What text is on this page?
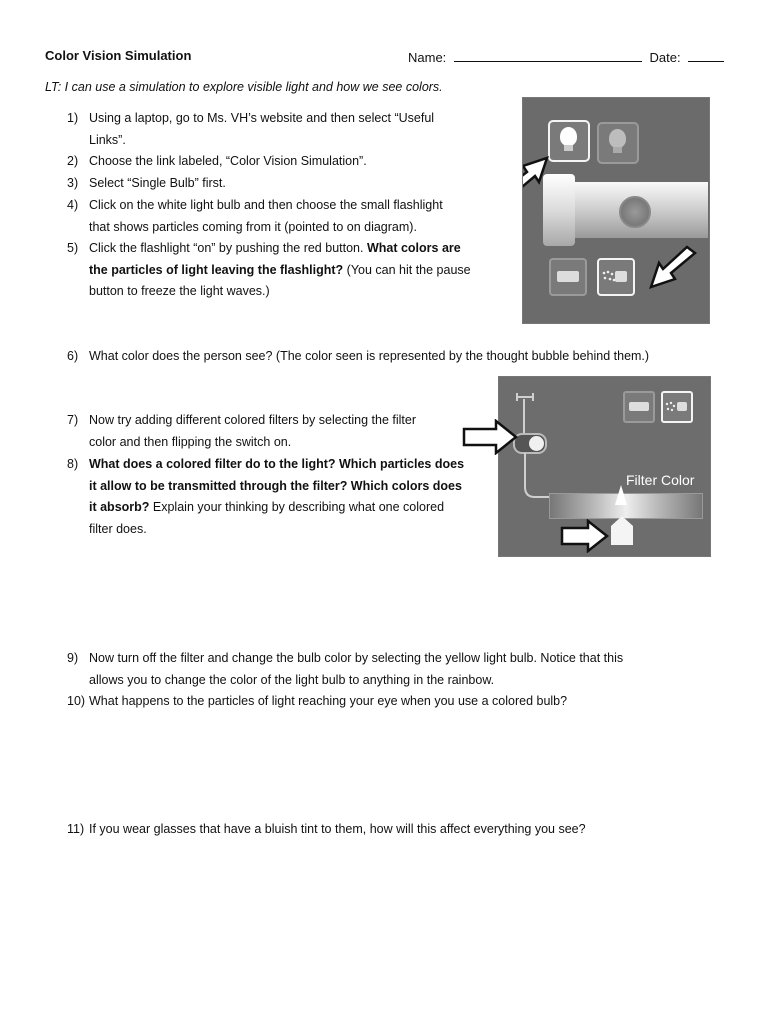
Color Vision Simulation	Name:	Date:
LT: I can use a simulation to explore visible light and how we see colors.
1) Using a laptop, go to Ms. VH’s website and then select “Useful
Links”.
2) Choose the link labeled, “Color Vision Simulation”.
3) Select “Single Bulb” first.
4) Click on the white light bulb and then choose the small flashlight
that shows particles coming from it (pointed to on diagram).
5) Click the flashlight “on” by pushing the red button. What colors are
the particles of light leaving the flashlight? (You can hit the pause
button to freeze the light waves.)
6) What color does the person see? (The color seen is represented by the thought bubble behind them.)
7) Now try adding different colored filters by selecting the filter
color and then flipping the switch on.
8) What does a colored filter do to the light? Which particles does
it allow to be transmitted through the filter? Which colors does
it absorb? Explain your thinking by describing what one colored
filter does.
9) Now turn off the filter and change the bulb color by selecting the yellow light bulb. Notice that this
allows you to change the color of the light bulb to anything in the rainbow.
10) What happens to the particles of light reaching your eye when you use a colored bulb?
11) If you wear glasses that have a bluish tint to them, how will this affect everything you see?
Filter Color
